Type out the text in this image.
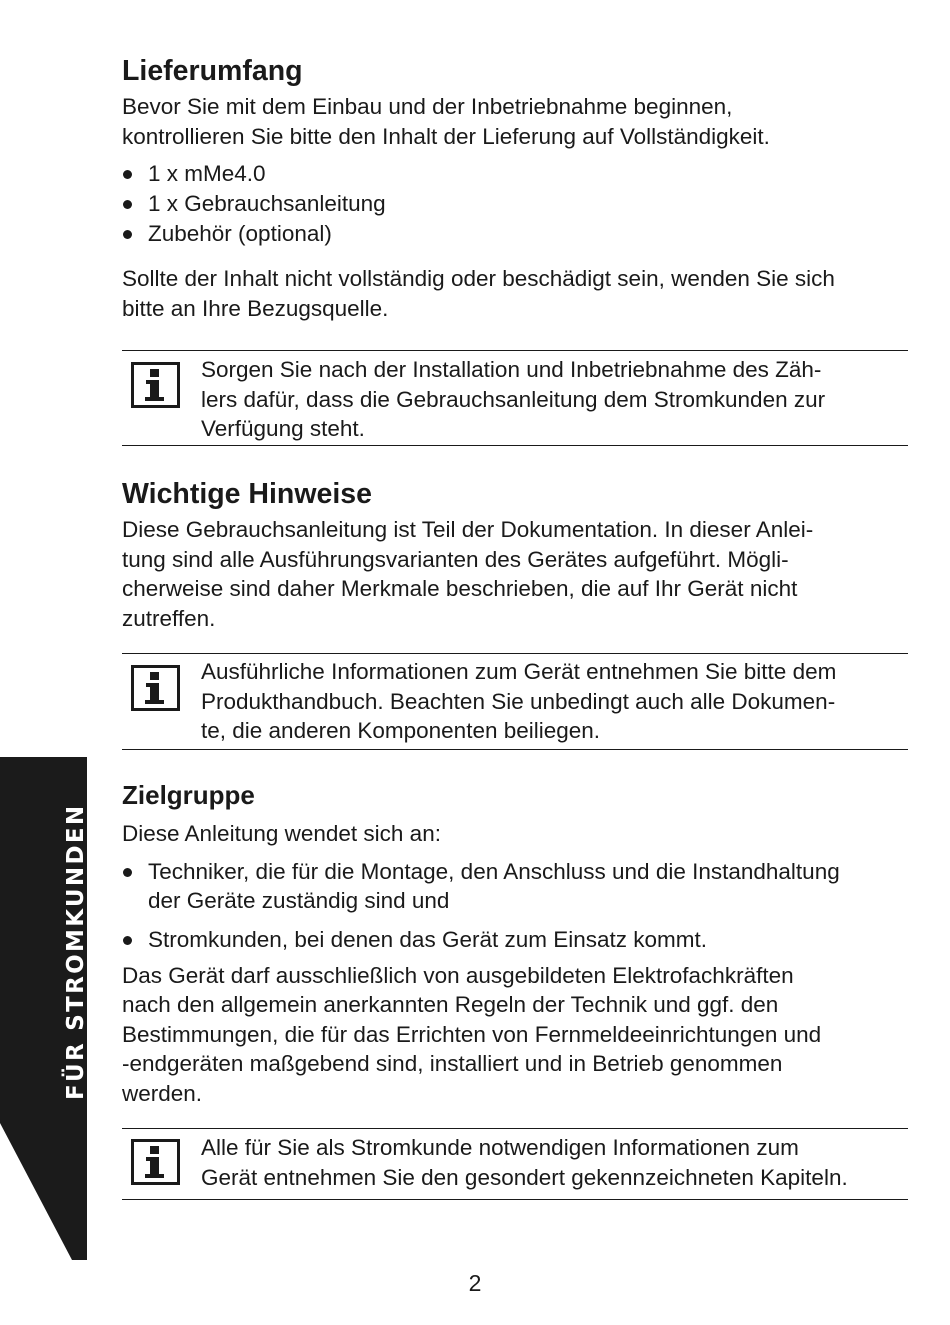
FÜR STROMKUNDEN
Lieferumfang

Bevor Sie mit dem Einbau und der Inbetriebnahme beginnen,
kontrollieren Sie bitte den Inhalt der Lieferung auf Vollständigkeit.

1 x mMe4.0
1 x Gebrauchsanleitung
Zubehör (optional)

Sollte der Inhalt nicht vollständig oder beschädigt sein, wenden Sie sich
bitte an Ihre Bezugsquelle.

Sorgen Sie nach der Installation und Inbetriebnahme des Zäh-
lers dafür, dass die Gebrauchsanleitung dem Stromkunden zur
Verfügung steht.
Wichtige Hinweise

Diese Gebrauchsanleitung ist Teil der Dokumentation. In dieser Anlei-
tung sind alle Ausführungsvarianten des Gerätes aufgeführt. Mögli-
cherweise sind daher Merkmale beschrieben, die auf Ihr Gerät nicht
zutreffen.

Ausführliche Informationen zum Gerät entnehmen Sie bitte dem
Produkthandbuch. Beachten Sie unbedingt auch alle Dokumen-
te, die anderen Komponenten beiliegen.
Zielgruppe

Diese Anleitung wendet sich an:

Techniker, die für die Montage, den Anschluss und die Instandhaltung
der Geräte zuständig sind und
Stromkunden, bei denen das Gerät zum Einsatz kommt.

Das Gerät darf ausschließlich von ausgebildeten Elektrofachkräften
nach den allgemein anerkannten Regeln der Technik und ggf. den
Bestimmungen, die für das Errichten von Fernmeldeeinrichtungen und
-endgeräten maßgebend sind, installiert und in Betrieb genommen
werden.

Alle für Sie als Stromkunde notwendigen Informationen zum
Gerät entnehmen Sie den gesondert gekennzeichneten Kapiteln.
2
